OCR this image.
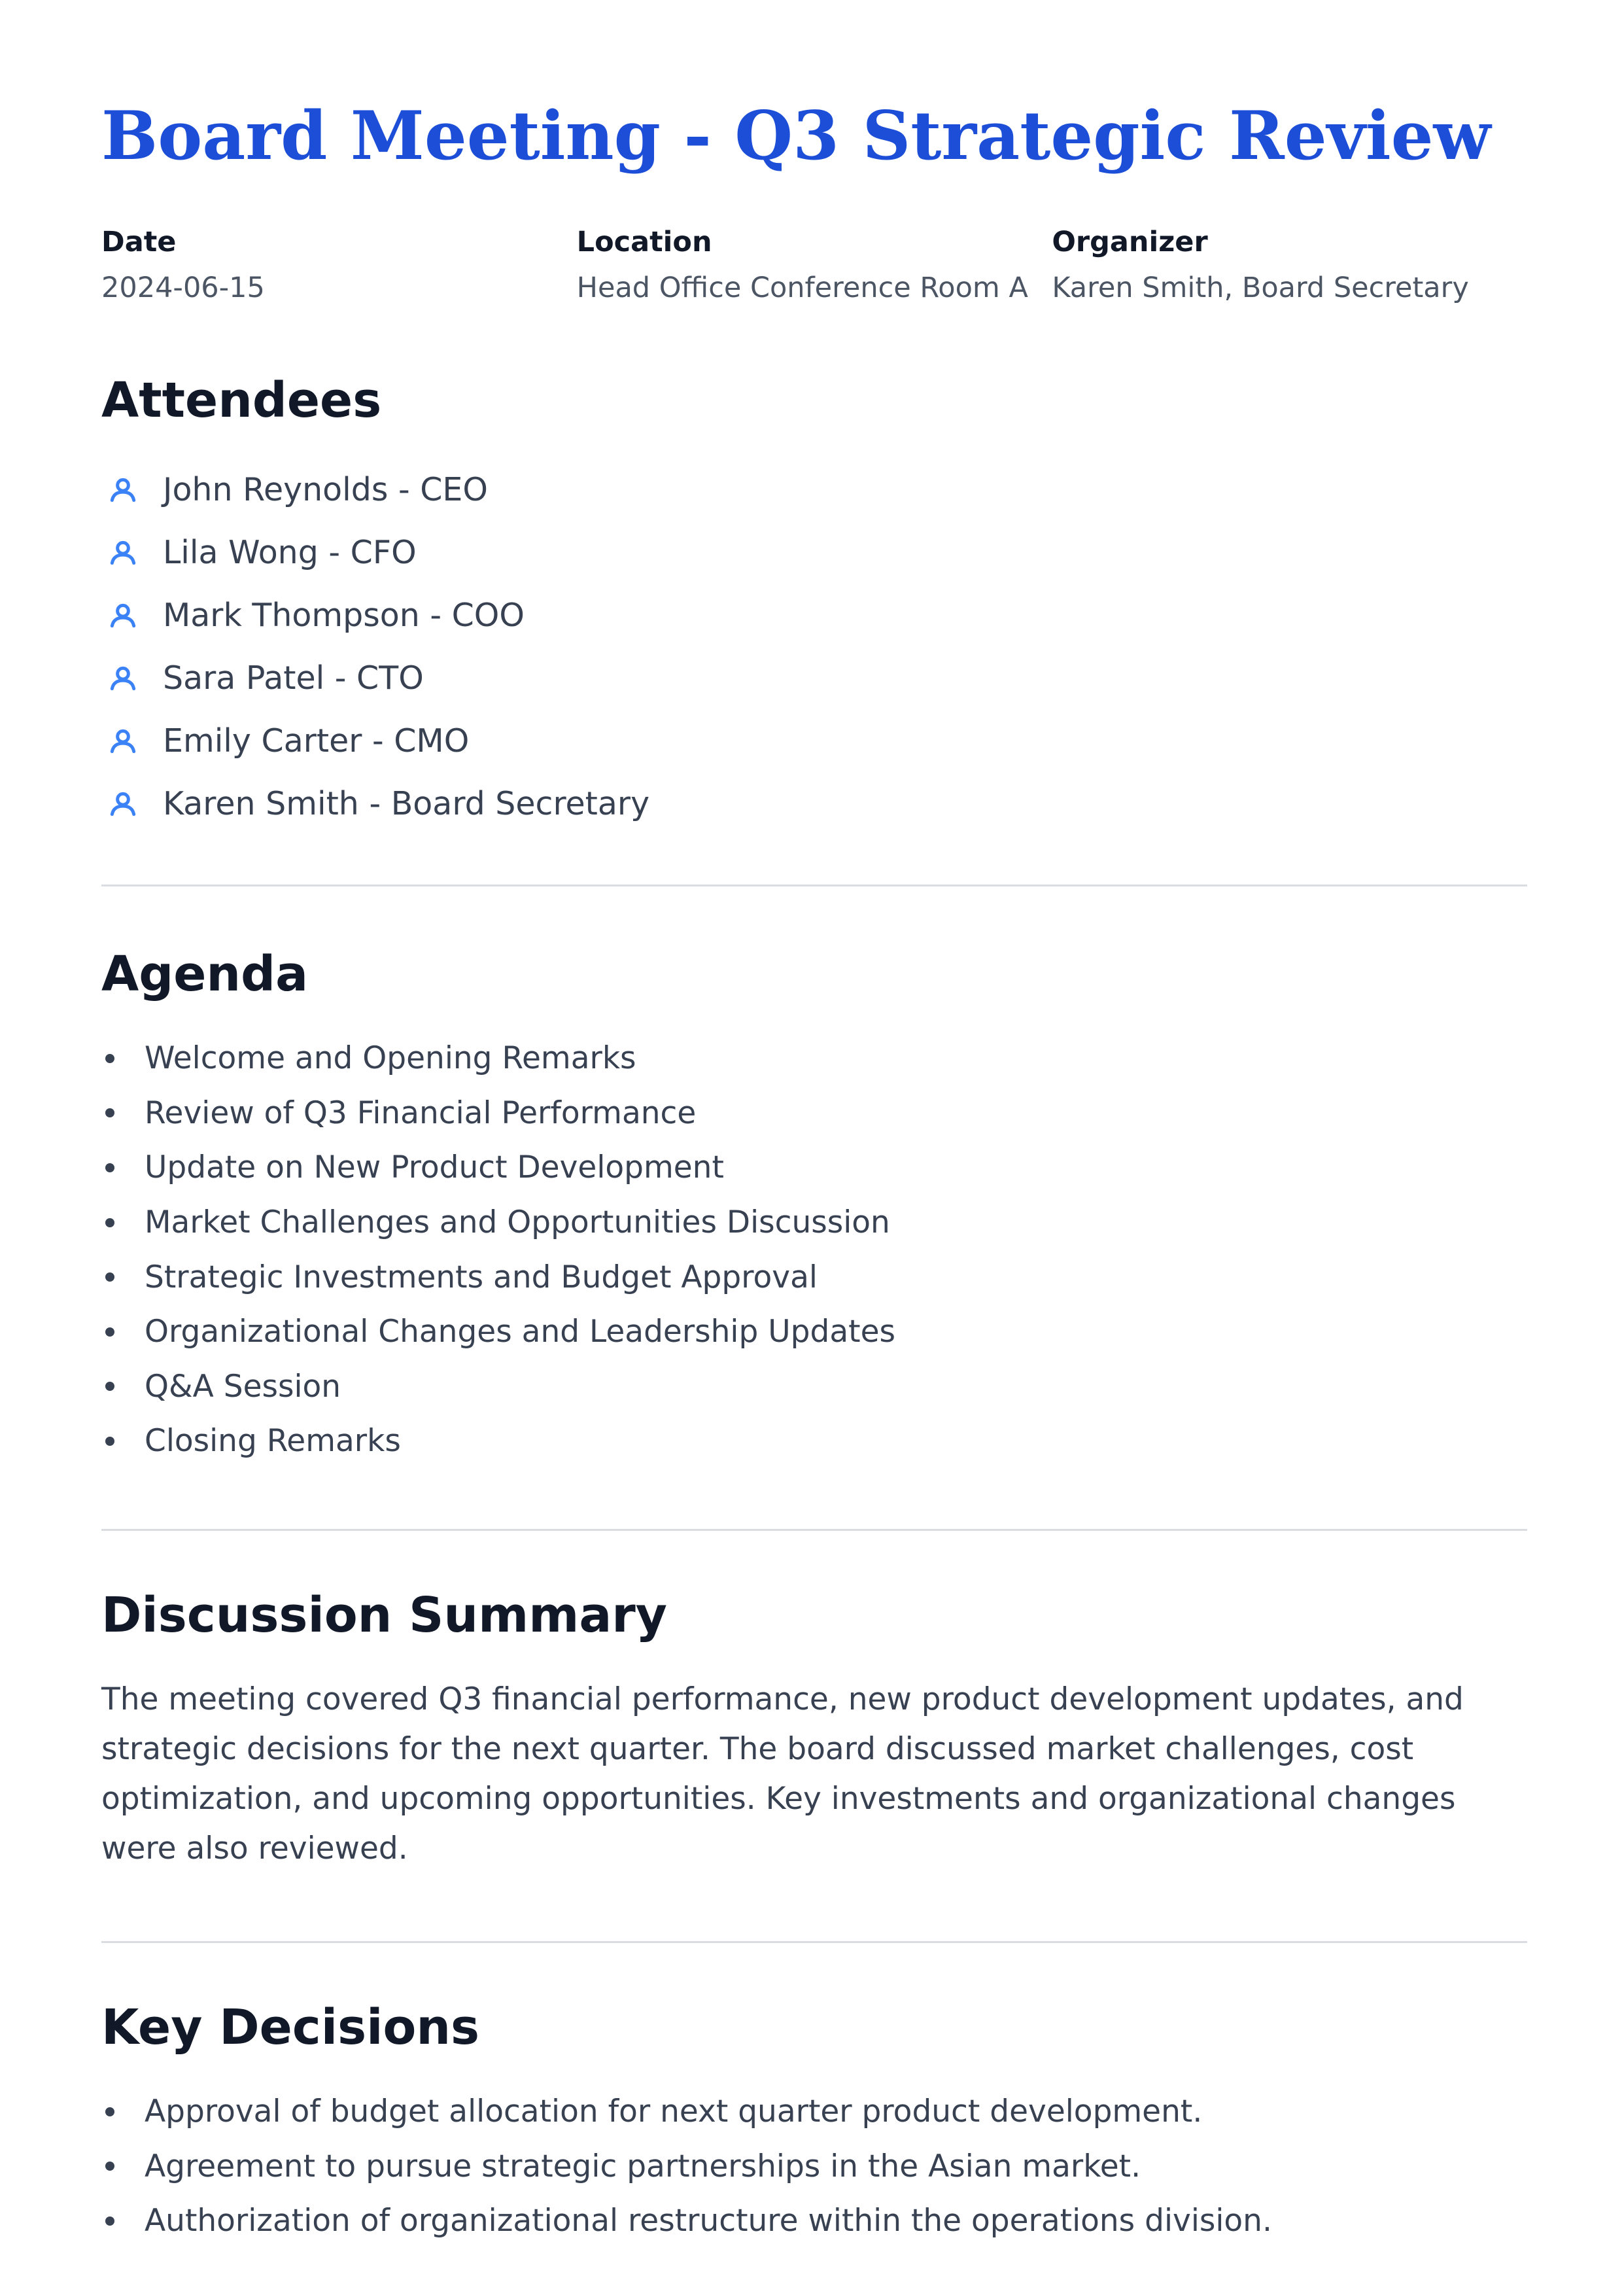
Board Meeting - Q3 Strategic Review
Date
2024-06-15
Location
Head Office Conference Room A
Organizer
Karen Smith, Board Secretary
Attendees
John Reynolds - CEO
Lila Wong - CFO
Mark Thompson - COO
Sara Patel - CTO
Emily Carter - CMO
Karen Smith - Board Secretary
Agenda
Welcome and Opening Remarks
Review of Q3 Financial Performance
Update on New Product Development
Market Challenges and Opportunities Discussion
Strategic Investments and Budget Approval
Organizational Changes and Leadership Updates
Q&A Session
Closing Remarks
Discussion Summary

The meeting covered Q3 financial performance, new product development updates, and strategic decisions for the next quarter. The board discussed market challenges, cost optimization, and upcoming opportunities. Key investments and organizational changes were also reviewed.

Key Decisions
Approval of budget allocation for next quarter product development.
Agreement to pursue strategic partnerships in the Asian market.
Authorization of organizational restructure within the operations division.
